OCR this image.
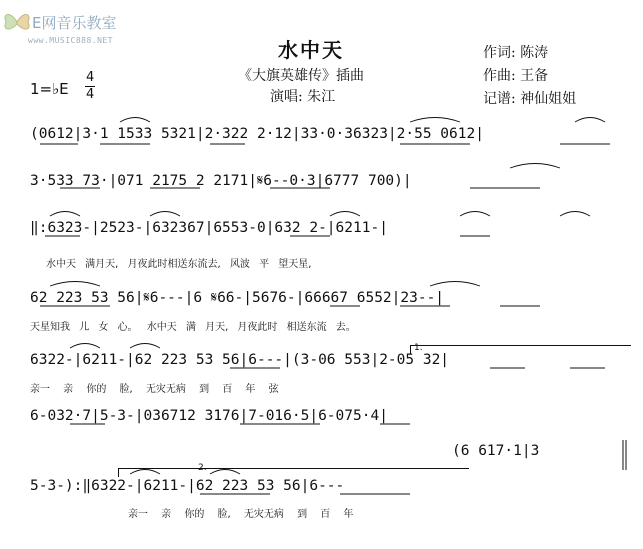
E网音乐教室
www.MUSIC888.NET	水中天
《大旗英雄传》插曲
演唱: 朱江
作词: 陈涛
作曲: 王备
记谱: 神仙姐姐
1=♭E
4
4
(0612|3·1 1533 5321|2·322 2·12|33·0·36323|2·55 0612|
3·533 73·|071 2175 2 2171|𝄋6--0·3|6777 700)|
‖:6323-|2523-|632367|6553-0|632 2-|6211-|
水中天 满月天, 月夜此时相送东流去, 风波 平 望天星,
62 223 53 56|𝄋6---|6 𝄋66-|5676-|66667 6552|23--|
天星知我 儿 女 心。 水中天 满 月天, 月夜此时 相送东流 去。
6322-|6211-|62 223 53 56|6---|(3-06 553|2-05 32|
亲一 亲 你的 脸, 无灾无病 到 百 年 弦
6-032·7|5-3-|036712 3176|7-016·5|6-075·4|
(6 617·1|3
5-3-):‖6322-|6211-|62 223 53 56|6---
亲一 亲 你的 脸, 无灾无病 到 百 年
1.
2.
